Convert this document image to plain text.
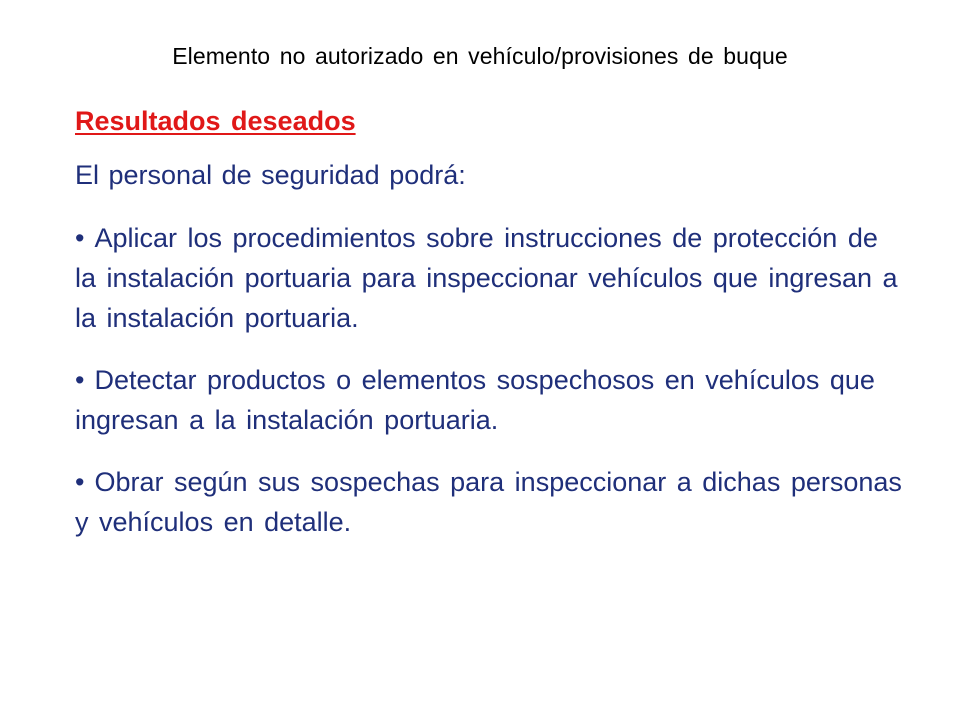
Elemento no autorizado en vehículo/provisiones de buque
Resultados deseados
El personal de seguridad podrá:
• Aplicar los procedimientos sobre instrucciones de protección de la instalación portuaria para inspeccionar vehículos que ingresan a la instalación portuaria.
• Detectar productos o elementos sospechosos en vehículos que ingresan a la instalación portuaria.
• Obrar según sus sospechas para inspeccionar a dichas personas y vehículos en detalle.
